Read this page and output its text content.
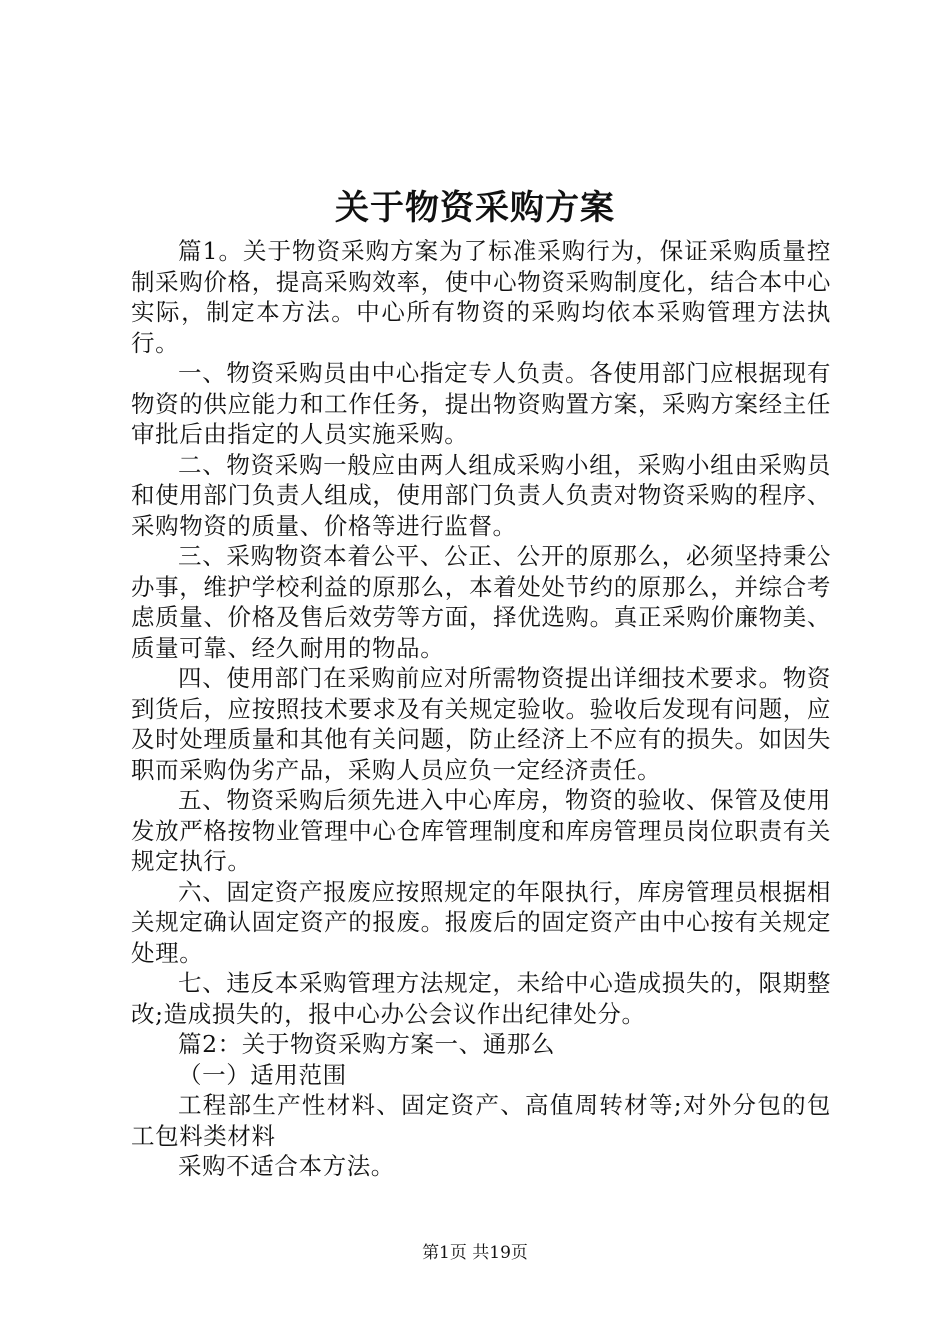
关于物资采购方案

篇1。关于物资采购方案为了标准采购行为，保证采购质量控制采购价格，提高采购效率，使中心物资采购制度化，结合本中心实际，制定本方法。中心所有物资的采购均依本采购管理方法执行。

一、物资采购员由中心指定专人负责。各使用部门应根据现有物资的供应能力和工作任务，提出物资购置方案，采购方案经主任审批后由指定的人员实施采购。

二、物资采购一般应由两人组成采购小组，采购小组由采购员和使用部门负责人组成，使用部门负责人负责对物资采购的程序、采购物资的质量、价格等进行监督。

三、采购物资本着公平、公正、公开的原那么，必须坚持秉公办事，维护学校利益的原那么，本着处处节约的原那么，并综合考虑质量、价格及售后效劳等方面，择优选购。真正采购价廉物美、质量可靠、经久耐用的物品。

四、使用部门在采购前应对所需物资提出详细技术要求。物资到货后，应按照技术要求及有关规定验收。验收后发现有问题，应及时处理质量和其他有关问题，防止经济上不应有的损失。如因失职而采购伪劣产品，采购人员应负一定经济责任。

五、物资采购后须先进入中心库房，物资的验收、保管及使用发放严格按物业管理中心仓库管理制度和库房管理员岗位职责有关规定执行。

六、固定资产报废应按照规定的年限执行，库房管理员根据相关规定确认固定资产的报废。报废后的固定资产由中心按有关规定处理。

七、违反本采购管理方法规定，未给中心造成损失的，限期整改;造成损失的，报中心办公会议作出纪律处分。

篇2：关于物资采购方案一、通那么

（一）适用范围

工程部生产性材料、固定资产、高值周转材等;对外分包的包工包料类材料

采购不适合本方法。

第1页 共19页
